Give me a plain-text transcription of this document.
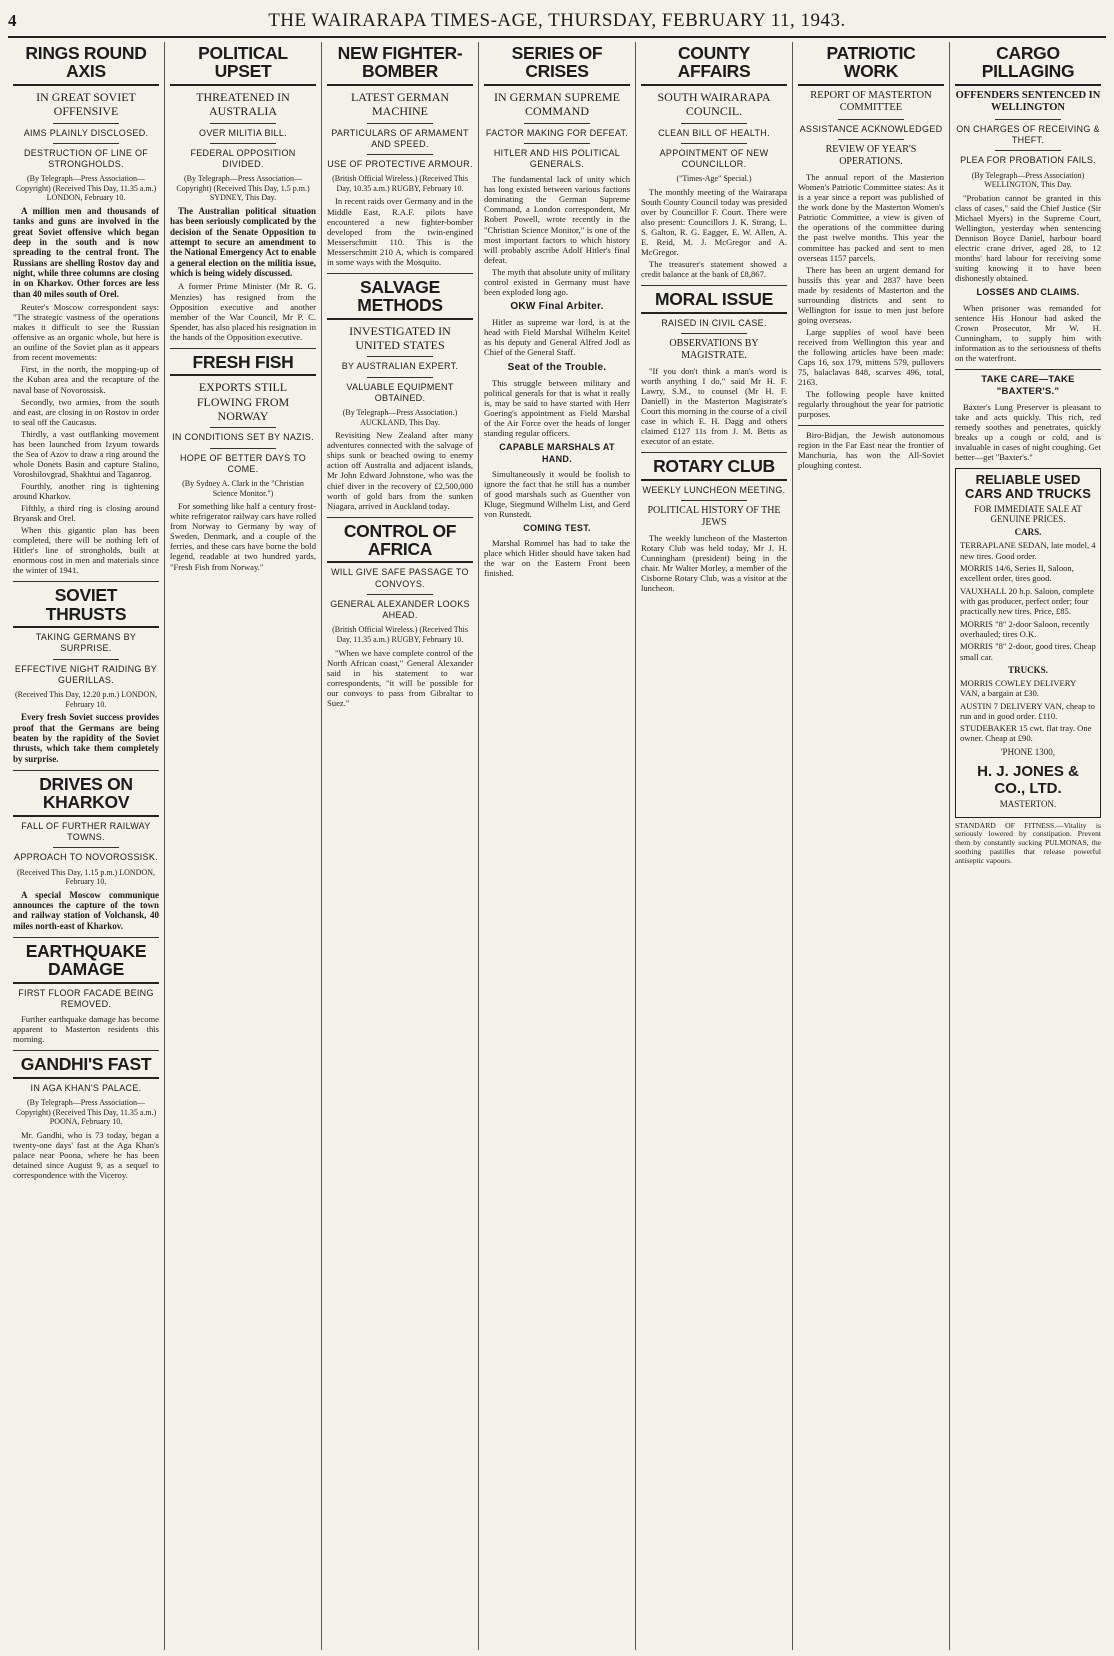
4	THE WAIRARAPA TIMES-AGE, THURSDAY, FEBRUARY 11, 1943.
RINGS ROUND AXIS
IN GREAT SOVIET OFFENSIVE
AIMS PLAINLY DISCLOSED.
DESTRUCTION OF LINE OF STRONGHOLDS.
(By Telegraph—Press Association—Copyright) (Received This Day, 11.35 a.m.) LONDON, February 10.

A million men and thousands of tanks and guns are involved in the great Soviet offensive which began deep in the south and is now spreading to the central front. The Russians are shelling Rostov day and night, while three columns are closing in on Kharkov. Other forces are less than 40 miles south of Orel.

Reuter's Moscow correspondent says: "The strategic vastness of the operations makes it difficult to see the Russian offensive as an organic whole, but here is an outline of the Soviet plan as it appears from recent movements:

First, in the north, the mopping-up of the Kuban area and the recapture of the naval base of Novorossisk.

Secondly, two armies, from the south and east, are closing in on Rostov in order to seal off the Caucasus.

Thirdly, a vast outflanking movement has been launched from Izyum towards the Sea of Azov to draw a ring around the whole Donets Basin and capture Stalino, Voroshilovgrad, Shakhtui and Taganrog.

Fourthly, another ring is tightening around Kharkov.

Fifthly, a third ring is closing around Bryansk and Orel.

When this gigantic plan has been completed, there will be nothing left of Hitler's line of strongholds, built at enormous cost in men and materials since the winter of 1941.

SOVIET THRUSTS
TAKING GERMANS BY SURPRISE.
EFFECTIVE NIGHT RAIDING BY GUERILLAS.
(Received This Day, 12.20 p.m.) LONDON, February 10.

Every fresh Soviet success provides proof that the Germans are being beaten by the rapidity of the Soviet thrusts, which take them completely by surprise.

DRIVES ON KHARKOV
FALL OF FURTHER RAILWAY TOWNS.
APPROACH TO NOVOROSSISK.
(Received This Day, 1.15 p.m.) LONDON, February 10.

A special Moscow communique announces the capture of the town and railway station of Volchansk, 40 miles north-east of Kharkov.

EARTHQUAKE DAMAGE
FIRST FLOOR FACADE BEING REMOVED.

Further earthquake damage has become apparent to Masterton residents this morning.

GANDHI'S FAST
IN AGA KHAN'S PALACE.
(By Telegraph—Press Association—Copyright) (Received This Day, 11.35 a.m.) POONA, February 10.

Mr. Gandhi, who is 73 today, began a twenty-one days' fast at the Aga Khan's palace near Poona, where he has been detained since August 9, as a sequel to correspondence with the Viceroy.

POLITICAL UPSET
THREATENED IN AUSTRALIA
OVER MILITIA BILL.
FEDERAL OPPOSITION DIVIDED.
(By Telegraph—Press Association—Copyright) (Received This Day, 1.5 p.m.) SYDNEY, This Day.

The Australian political situation has been seriously complicated by the decision of the Senate Opposition to attempt to secure an amendment to the National Emergency Act to enable a general election on the militia issue, which is being widely discussed.

A former Prime Minister (Mr R. G. Menzies) has resigned from the Opposition executive and another member of the War Council, Mr P. C. Spender, has also placed his resignation in the hands of the Opposition executive.

FRESH FISH
EXPORTS STILL FLOWING FROM NORWAY
IN CONDITIONS SET BY NAZIS.
HOPE OF BETTER DAYS TO COME.
(By Sydney A. Clark in the "Christian Science Monitor.")

For something like half a century frost-white refrigerator railway cars have rolled from Norway to Germany by way of Sweden, Denmark, and a couple of the ferries, and these cars have borne the bold legend, readable at two hundred yards, "Fresh Fish from Norway."

NEW FIGHTER-BOMBER
LATEST GERMAN MACHINE
PARTICULARS OF ARMAMENT AND SPEED.
USE OF PROTECTIVE ARMOUR.
(British Official Wireless.) (Received This Day, 10.35 a.m.) RUGBY, February 10.

In recent raids over Germany and in the Middle East, R.A.F. pilots have encountered a new fighter-bomber developed from the twin-engined Messerschmitt 110. This is the Messerschmitt 210 A, which is compared in some ways with the Mosquito.

SALVAGE METHODS
INVESTIGATED IN UNITED STATES
BY AUSTRALIAN EXPERT.
VALUABLE EQUIPMENT OBTAINED.
(By Telegraph—Press Association.) AUCKLAND, This Day.

Revisiting New Zealand after many adventures connected with the salvage of ships sunk or beached owing to enemy action off Australia and adjacent islands, Mr John Edward Johnstone, who was the chief diver in the recovery of £2,500,000 worth of gold bars from the sunken Niagara, arrived in Auckland today.

CONTROL OF AFRICA
WILL GIVE SAFE PASSAGE TO CONVOYS.
GENERAL ALEXANDER LOOKS AHEAD.
(British Official Wireless.) (Received This Day, 11.35 a.m.) RUGBY, February 10.

"When we have complete control of the North African coast," General Alexander said in his statement to war correspondents, "it will be possible for our convoys to pass from Gibraltar to Suez."

SERIES OF CRISES
IN GERMAN SUPREME COMMAND
FACTOR MAKING FOR DEFEAT.
HITLER AND HIS POLITICAL GENERALS.

The fundamental lack of unity which has long existed between various factions dominating the German Supreme Command, a London correspondent, Mr Robert Powell, wrote recently in the "Christian Science Monitor," is one of the most important factors to which history will probably ascribe Adolf Hitler's final defeat.

The myth that absolute unity of military control existed in Germany must have been exploded long ago.

OKW Final Arbiter.

Hitler as supreme war lord, is at the head with Field Marshal Wilhelm Keitel as his deputy and General Alfred Jodl as Chief of the General Staff.

Seat of the Trouble.

This struggle between military and political generals for that is what it really is, may be said to have started with Herr Goering's appointment as Field Marshal of the Air Force over the heads of longer standing regular officers.

CAPABLE MARSHALS AT HAND.

Simultaneously it would be foolish to ignore the fact that he still has a number of good marshals such as Guenther von Kluge, Siegmund Wilhelm List, and Gerd von Runstedt.

COMING TEST.

Marshal Rommel has had to take the place which Hitler should have taken had the war on the Eastern Front been finished.

COUNTY AFFAIRS
SOUTH WAIRARAPA COUNCIL.
CLEAN BILL OF HEALTH.
APPOINTMENT OF NEW COUNCILLOR.
("Times-Age" Special.)

The monthly meeting of the Wairarapa South County Council today was presided over by Councillor F. Court. There were also present: Councillors J. K. Strang, L. S. Galton, R. G. Eagger, E. W. Allen, A. E. Reid, M. J. McGregor and A. McGregor.

The treasurer's statement showed a credit balance at the bank of £8,867.

MORAL ISSUE
RAISED IN CIVIL CASE.
OBSERVATIONS BY MAGISTRATE.

"If you don't think a man's word is worth anything I do," said Mr H. F. Lawry, S.M., to counsel (Mr H. F. Daniell) in the Masterton Magistrate's Court this morning in the course of a civil case in which E. H. Dagg and others claimed £127 11s from J. M. Betts as executor of an estate.

ROTARY CLUB
WEEKLY LUNCHEON MEETING.
POLITICAL HISTORY OF THE JEWS

The weekly luncheon of the Masterton Rotary Club was held today, Mr J. H. Cunningham (president) being in the chair. Mr Walter Morley, a member of the Cisborne Rotary Club, was a visitor at the luncheon.

PATRIOTIC WORK
REPORT OF MASTERTON COMMITTEE
ASSISTANCE ACKNOWLEDGED
REVIEW OF YEAR'S OPERATIONS.

The annual report of the Masterton Women's Patriotic Committee states: As it is a year since a report was published of the work done by the Masterton Women's Patriotic Committee, a view is given of the operations of the committee during the past twelve months. This year the committee has packed and sent to men overseas 1157 parcels.

There has been an urgent demand for hussifs this year and 2837 have been made by residents of Masterton and the surrounding districts and sent to Wellington for issue to men just before going overseas.

Large supplies of wool have been received from Wellington this year and the following articles have been made: Caps 16, sox 179, mittens 579, pullovers 75, balaclavas 848, scarves 496, total, 2163.

The following people have knitted regularly throughout the year for patriotic purposes.

Biro-Bidjan, the Jewish autonomous region in the Far East near the frontier of Manchuria, has won the All-Soviet ploughing contest.

CARGO PILLAGING
OFFENDERS SENTENCED IN WELLINGTON
ON CHARGES OF RECEIVING & THEFT.
PLEA FOR PROBATION FAILS.
(By Telegraph—Press Association) WELLINGTON, This Day.

"Probation cannot be granted in this class of cases," said the Chief Justice (Sir Michael Myers) in the Supreme Court, Wellington, yesterday when sentencing Dennison Boyce Daniel, harbour board electric crane driver, aged 28, to 12 months' hard labour for receiving some suiting knowing it to have been dishonestly obtained.

LOSSES AND CLAIMS.

When prisoner was remanded for sentence His Honour had asked the Crown Prosecutor, Mr W. H. Cunningham, to supply him with information as to the seriousness of thefts on the waterfront.

TAKE CARE—TAKE "BAXTER'S."

Baxter's Lung Preserver is pleasant to take and acts quickly. This rich, red remedy soothes and penetrates, quickly breaks up a cough or cold, and is invaluable in cases of night coughing. Get better—get "Baxter's."

RELIABLE USED CARS AND TRUCKS
FOR IMMEDIATE SALE AT GENUINE PRICES.
CARS.
TERRAPLANE SEDAN, late model, 4 new tires. Good order.
MORRIS 14/6, Series II, Saloon, excellent order, tires good.
VAUXHALL 20 h.p. Saloon, complete with gas producer, perfect order; four practically new tires. Price, £85.
MORRIS "8" 2-door Saloon, recently overhauled; tires O.K.
MORRIS "8" 2-door, good tires. Cheap small car.
TRUCKS.
MORRIS COWLEY DELIVERY VAN, a bargain at £30.
AUSTIN 7 DELIVERY VAN, cheap to run and in good order. £110.
STUDEBAKER 15 cwt. flat tray. One owner. Cheap at £90.
'PHONE 1300,
H. J. JONES & CO., LTD.
MASTERTON.

STANDARD OF FITNESS.—Vitality is seriously lowered by constipation. Prevent them by constantly sucking PULMONAS, the soothing pastilles that release powerful antiseptic vapours.
